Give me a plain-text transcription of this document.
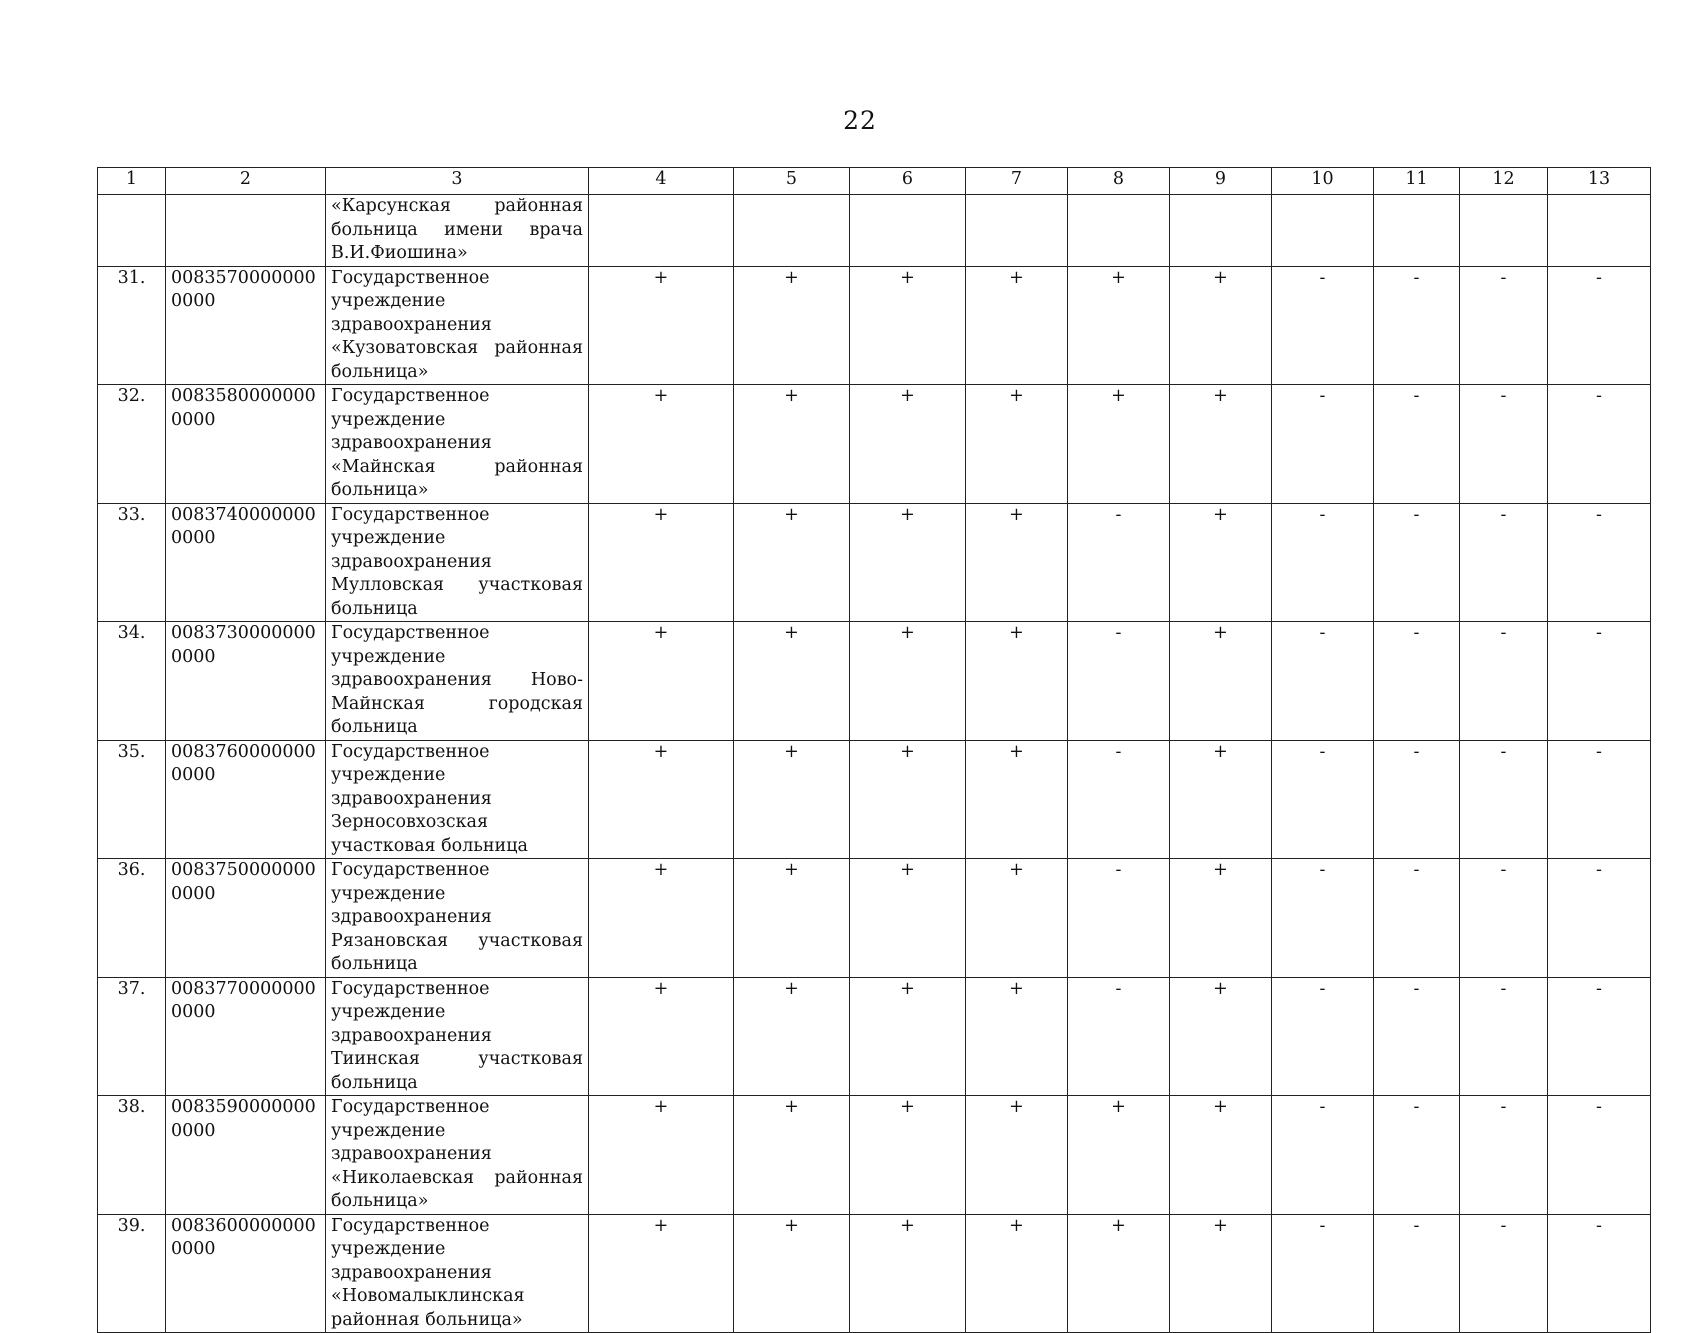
22
1	2	3	4	5	6	7	8	9	10	11	12	13
		«Карсунская районная больница имени врача В.И.Фиошина»										
31.	00835700000000000	Государственное учреждение здравоохранения «Кузоватовская районная больница»	+	+	+	+	+	+	-	-	-	-
32.	00835800000000000	Государственное учреждение здравоохранения «Майнская районная больница»	+	+	+	+	+	+	-	-	-	-
33.	00837400000000000	Государственное учреждение здравоохранения Мулловская участковая больница	+	+	+	+	-	+	-	-	-	-
34.	00837300000000000	Государственное учреждение здравоохранения Ново-Майнская городская больница	+	+	+	+	-	+	-	-	-	-
35.	00837600000000000	Государственное учреждение здравоохранения Зерносовхозская участковая больница	+	+	+	+	-	+	-	-	-	-
36.	00837500000000000	Государственное учреждение здравоохранения Рязановская участковая больница	+	+	+	+	-	+	-	-	-	-
37.	00837700000000000	Государственное учреждение здравоохранения Тиинская участковая больница	+	+	+	+	-	+	-	-	-	-
38.	00835900000000000	Государственное учреждение здравоохранения «Николаевская районная больница»	+	+	+	+	+	+	-	-	-	-
39.	00836000000000000	Государственное учреждение здравоохранения «Новомалыклинская районная больница»	+	+	+	+	+	+	-	-	-	-
